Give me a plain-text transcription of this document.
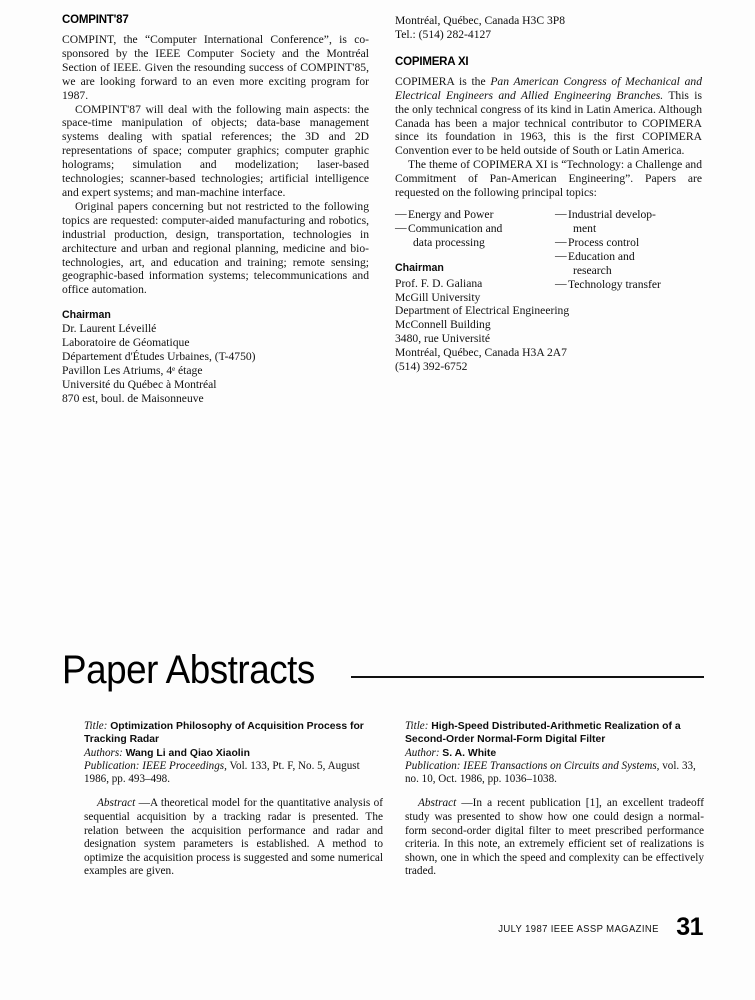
COMPINT'87

COMPINT, the “Computer International Conference”, is co-sponsored by the IEEE Computer Society and the Montréal Section of IEEE. Given the resounding success of COMPINT'85, we are looking forward to an even more exciting program for 1987.

COMPINT'87 will deal with the following main aspects: the space-time manipulation of objects; data-base management systems dealing with spatial references; the 3D and 2D representations of space; computer graphics; computer graphic holograms; simulation and modelization; laser-based technologies; scanner-based technologies; artificial intelligence and expert systems; and man-machine interface.

Original papers concerning but not restricted to the following topics are requested: computer-aided manufacturing and robotics, industrial production, design, transportation, technologies in architecture and urban and regional planning, medicine and bio-technologies, art, and education and training; remote sensing; geographic-based information systems; telecommunications and office automation.

Chairman
Dr. Laurent Léveillé
Laboratoire de Géomatique
Département d'Études Urbaines, (T-4750)
Pavillon Les Atriums, 4ᵉ étage
Université du Québec à Montréal
870 est, boul. de Maisonneuve
Montréal, Québec, Canada H3C 3P8
Tel.: (514) 282-4127
COPIMERA XI

COPIMERA is the Pan American Congress of Mechanical and Electrical Engineers and Allied Engineering Branches. This is the only technical congress of its kind in Latin America. Although Canada has been a major technical contributor to COPIMERA since its foundation in 1963, this is the first COPIMERA Convention ever to be held outside of South or Latin America.

The theme of COPIMERA XI is “Technology: a Challenge and Commitment of Pan-American Engineering”. Papers are requested on the following principal topics:

— Energy and Power
— Communication and
data processing
Chairman
Prof. F. D. Galiana
McGill University
Department of Electrical Engineering
McConnell Building
3480, rue Université
Montréal, Québec, Canada H3A 2A7
(514) 392-6752
— Industrial develop-
ment
— Process control
— Education and
research
— Technology transfer
Paper Abstracts

Title: Optimization Philosophy of Acquisition Process for Tracking Radar

Authors: Wang Li and Qiao Xiaolin

Publication: IEEE Proceedings, Vol. 133, Pt. F, No. 5, August 1986, pp. 493–498.

Abstract —A theoretical model for the quantitative analysis of sequential acquisition by a tracking radar is presented. The relation between the acquisition performance and radar and designation system parameters is established. A method to optimize the acquisition process is suggested and some numerical examples are given.

Title: High-Speed Distributed-Arithmetic Realization of a Second-Order Normal-Form Digital Filter

Author: S. A. White

Publication: IEEE Transactions on Circuits and Systems, vol. 33, no. 10, Oct. 1986, pp. 1036–1038.

Abstract —In a recent publication [1], an excellent tradeoff study was presented to show how one could design a normal-form second-order digital filter to meet prescribed performance criteria. In this note, an extremely efficient set of realizations is shown, one in which the speed and complexity can be effectively traded.

JULY 1987 IEEE ASSP MAGAZINE 31
